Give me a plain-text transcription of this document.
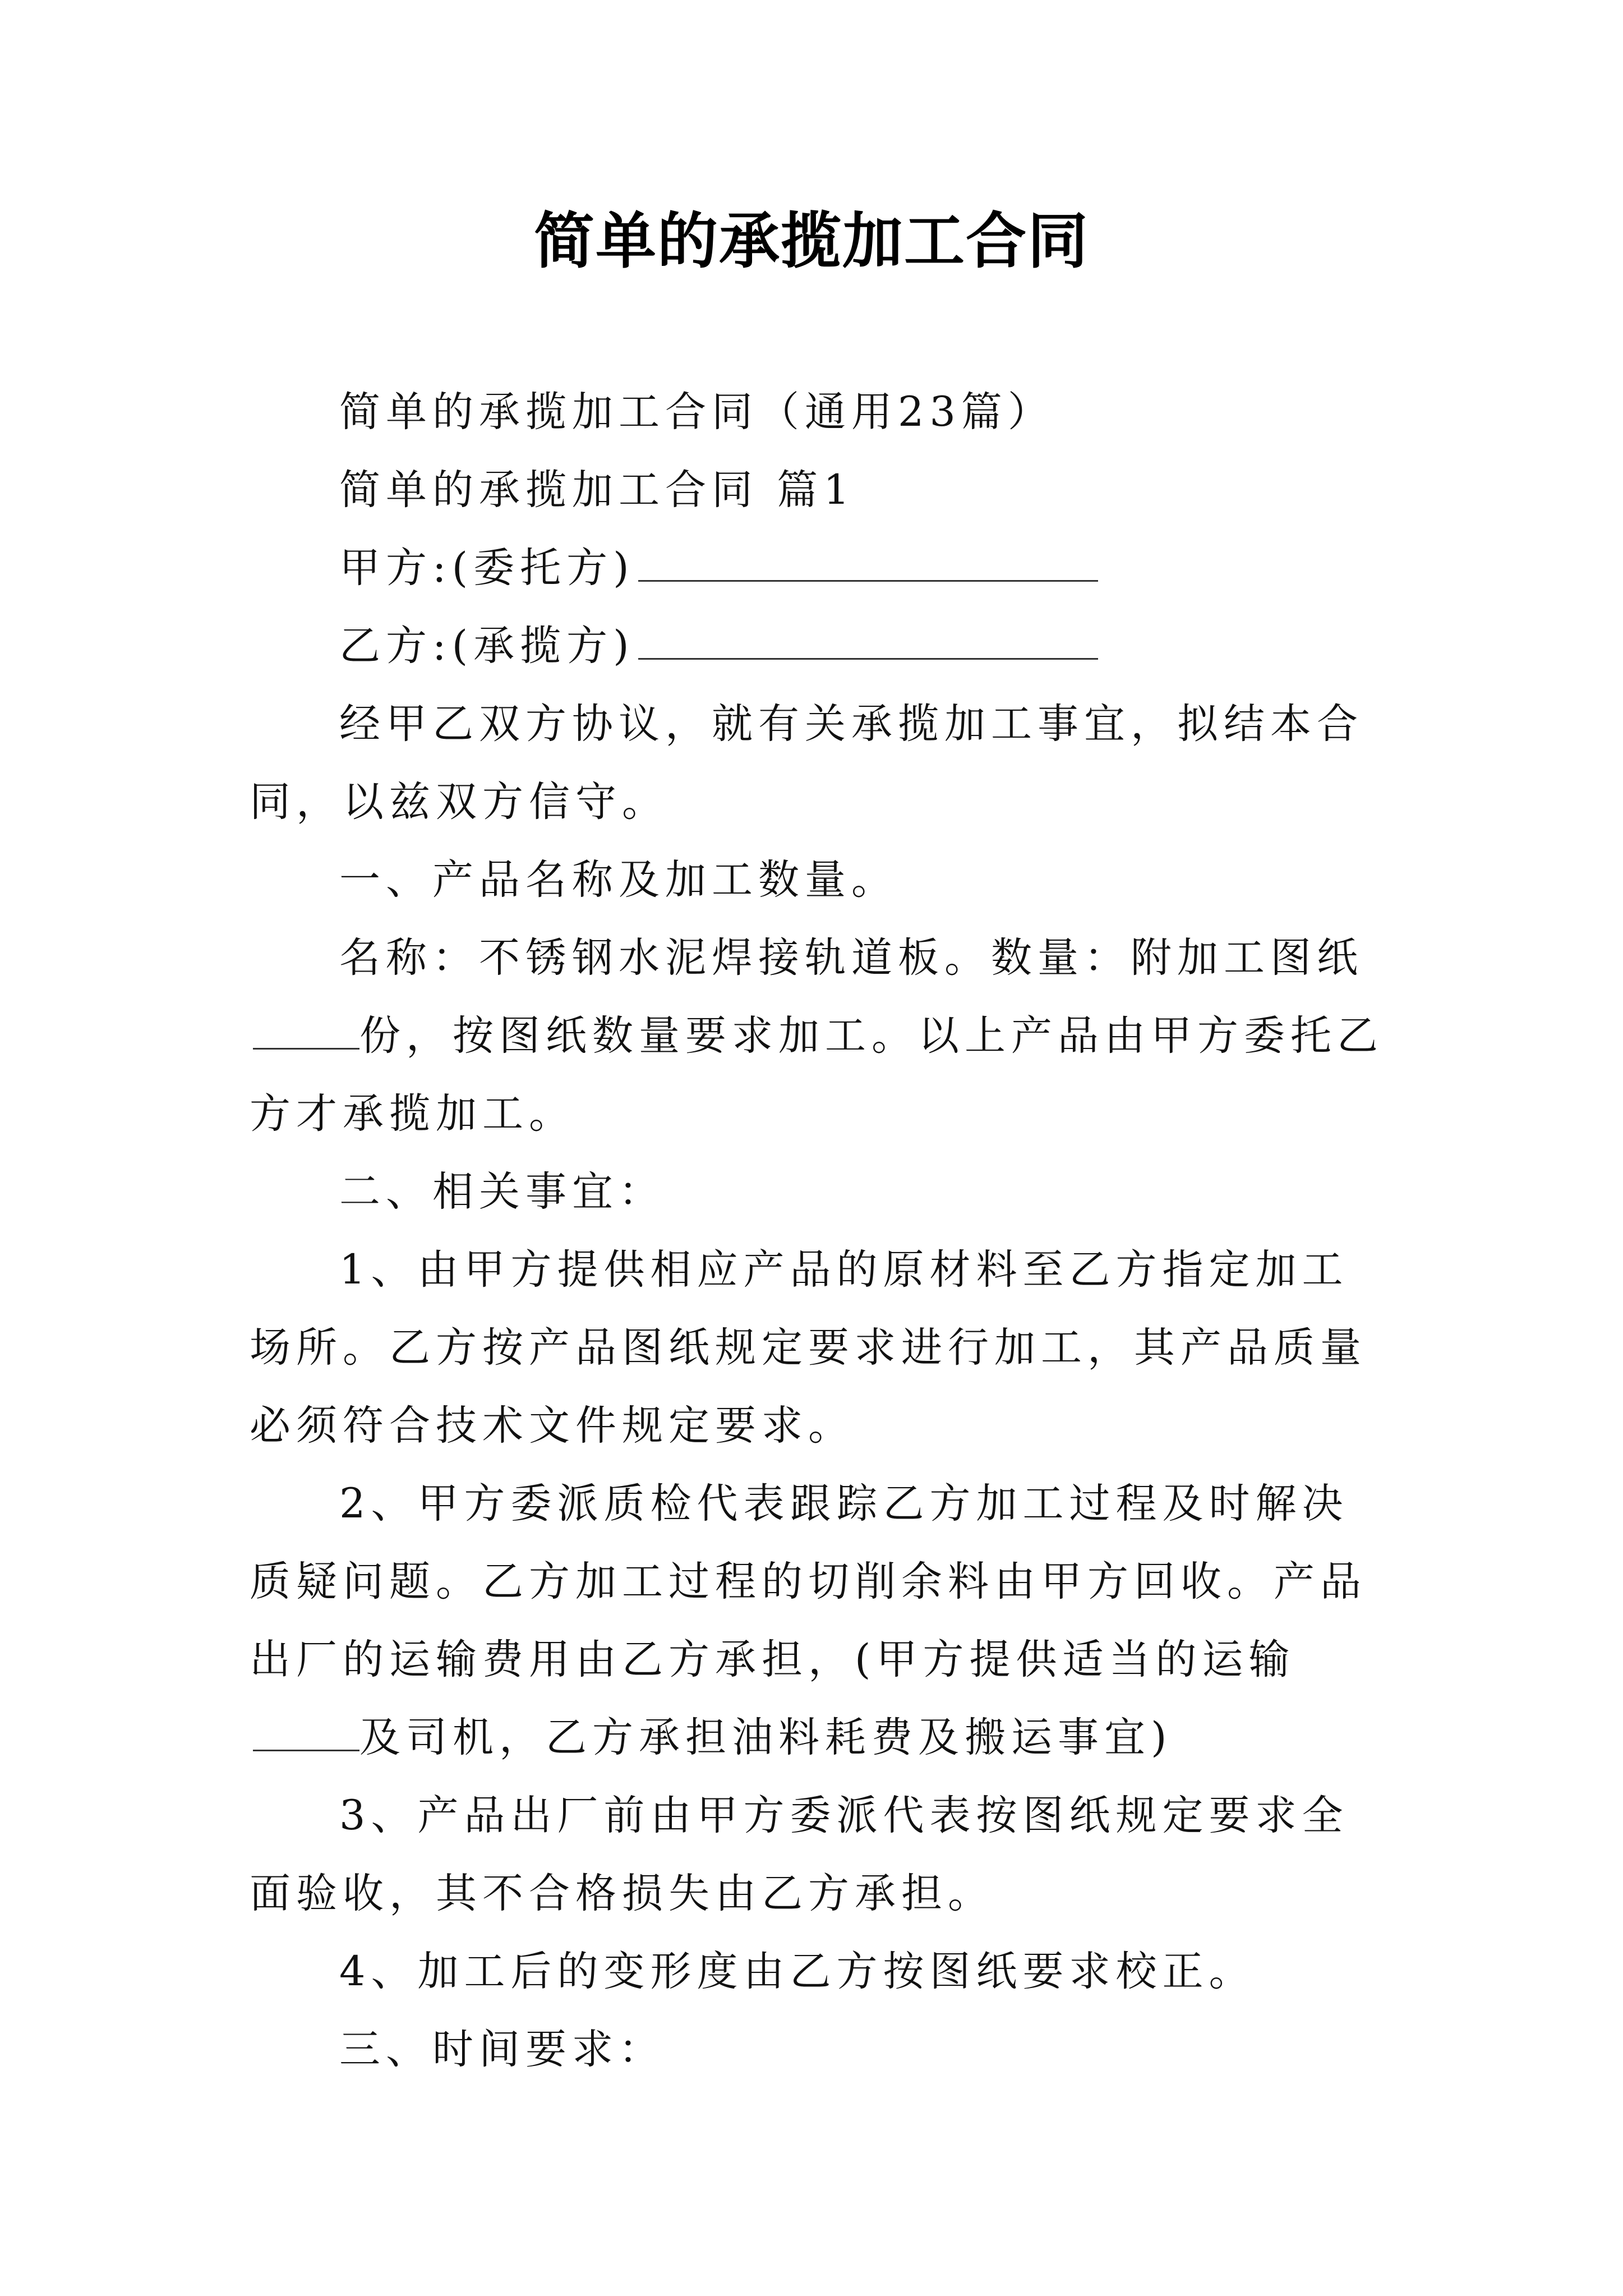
简单的承揽加工合同

简单的承揽加工合同（通用23篇）

简单的承揽加工合同 篇1

甲方:(委托方)

乙方:(承揽方)

经甲乙双方协议，就有关承揽加工事宜，拟结本合同，以兹双方信守。

一、产品名称及加工数量。

名称：不锈钢水泥焊接轨道板。数量：附加工图纸份，按图纸数量要求加工。以上产品由甲方委托乙方才承揽加工。

二、相关事宜：

1、由甲方提供相应产品的原材料至乙方指定加工场所。乙方按产品图纸规定要求进行加工，其产品质量必须符合技术文件规定要求。

2、甲方委派质检代表跟踪乙方加工过程及时解决质疑问题。乙方加工过程的切削余料由甲方回收。产品出厂的运输费用由乙方承担，(甲方提供适当的运输及司机，乙方承担油料耗费及搬运事宜)

3、产品出厂前由甲方委派代表按图纸规定要求全面验收，其不合格损失由乙方承担。

4、加工后的变形度由乙方按图纸要求校正。

三、时间要求：
